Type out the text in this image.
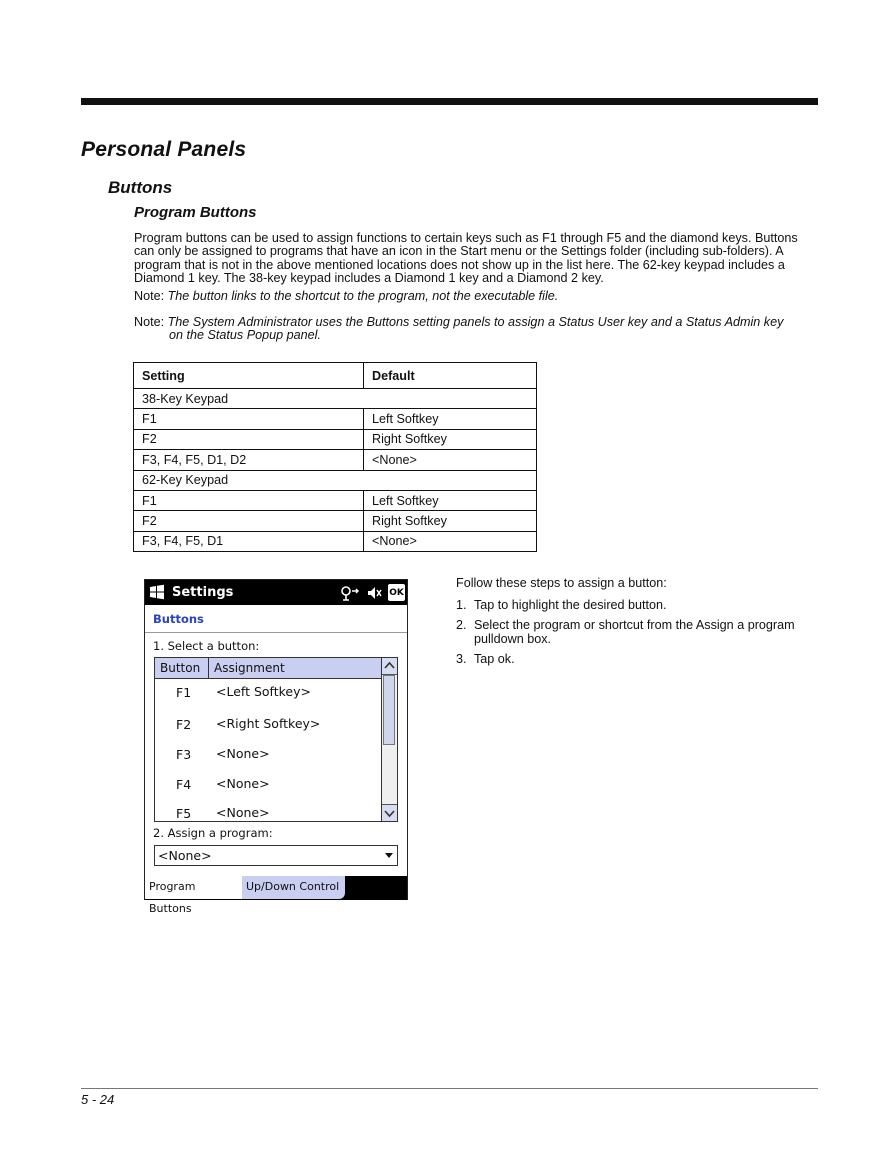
Personal Panels
Buttons
Program Buttons
Program buttons can be used to assign functions to certain keys such as F1 through F5 and the diamond keys. Buttons can only be assigned to programs that have an icon in the Start menu or the Settings folder (including sub-folders). A program that is not in the above mentioned locations does not show up in the list here. The 62-key keypad includes a Diamond 1 key. The 38-key keypad includes a Diamond 1 key and a Diamond 2 key.
Note: The button links to the shortcut to the program, not the executable file.
Note: The System Administrator uses the Buttons setting panels to assign a Status User key and a Status Admin key
on the Status Popup panel.
Setting	Default
38-Key Keypad	
F1	Left Softkey
F2	Right Softkey
F3, F4, F5, D1, D2	<None>
62-Key Keypad	
F1	Left Softkey
F2	Right Softkey
F3, F4, F5, D1	<None>
Settings	OK
Buttons
1. Select a button:
Button	Assignment
F1 <Left Softkey>
F2 <Right Softkey>
F3 <None>
F4 <None>
F5 <None>
2. Assign a program:
<None>
Program Buttons
Up/Down Control
Follow these steps to assign a button:
1. Tap to highlight the desired button.
2. Select the program or shortcut from the Assign a program pulldown box.
3. Tap ok.
5 - 24
